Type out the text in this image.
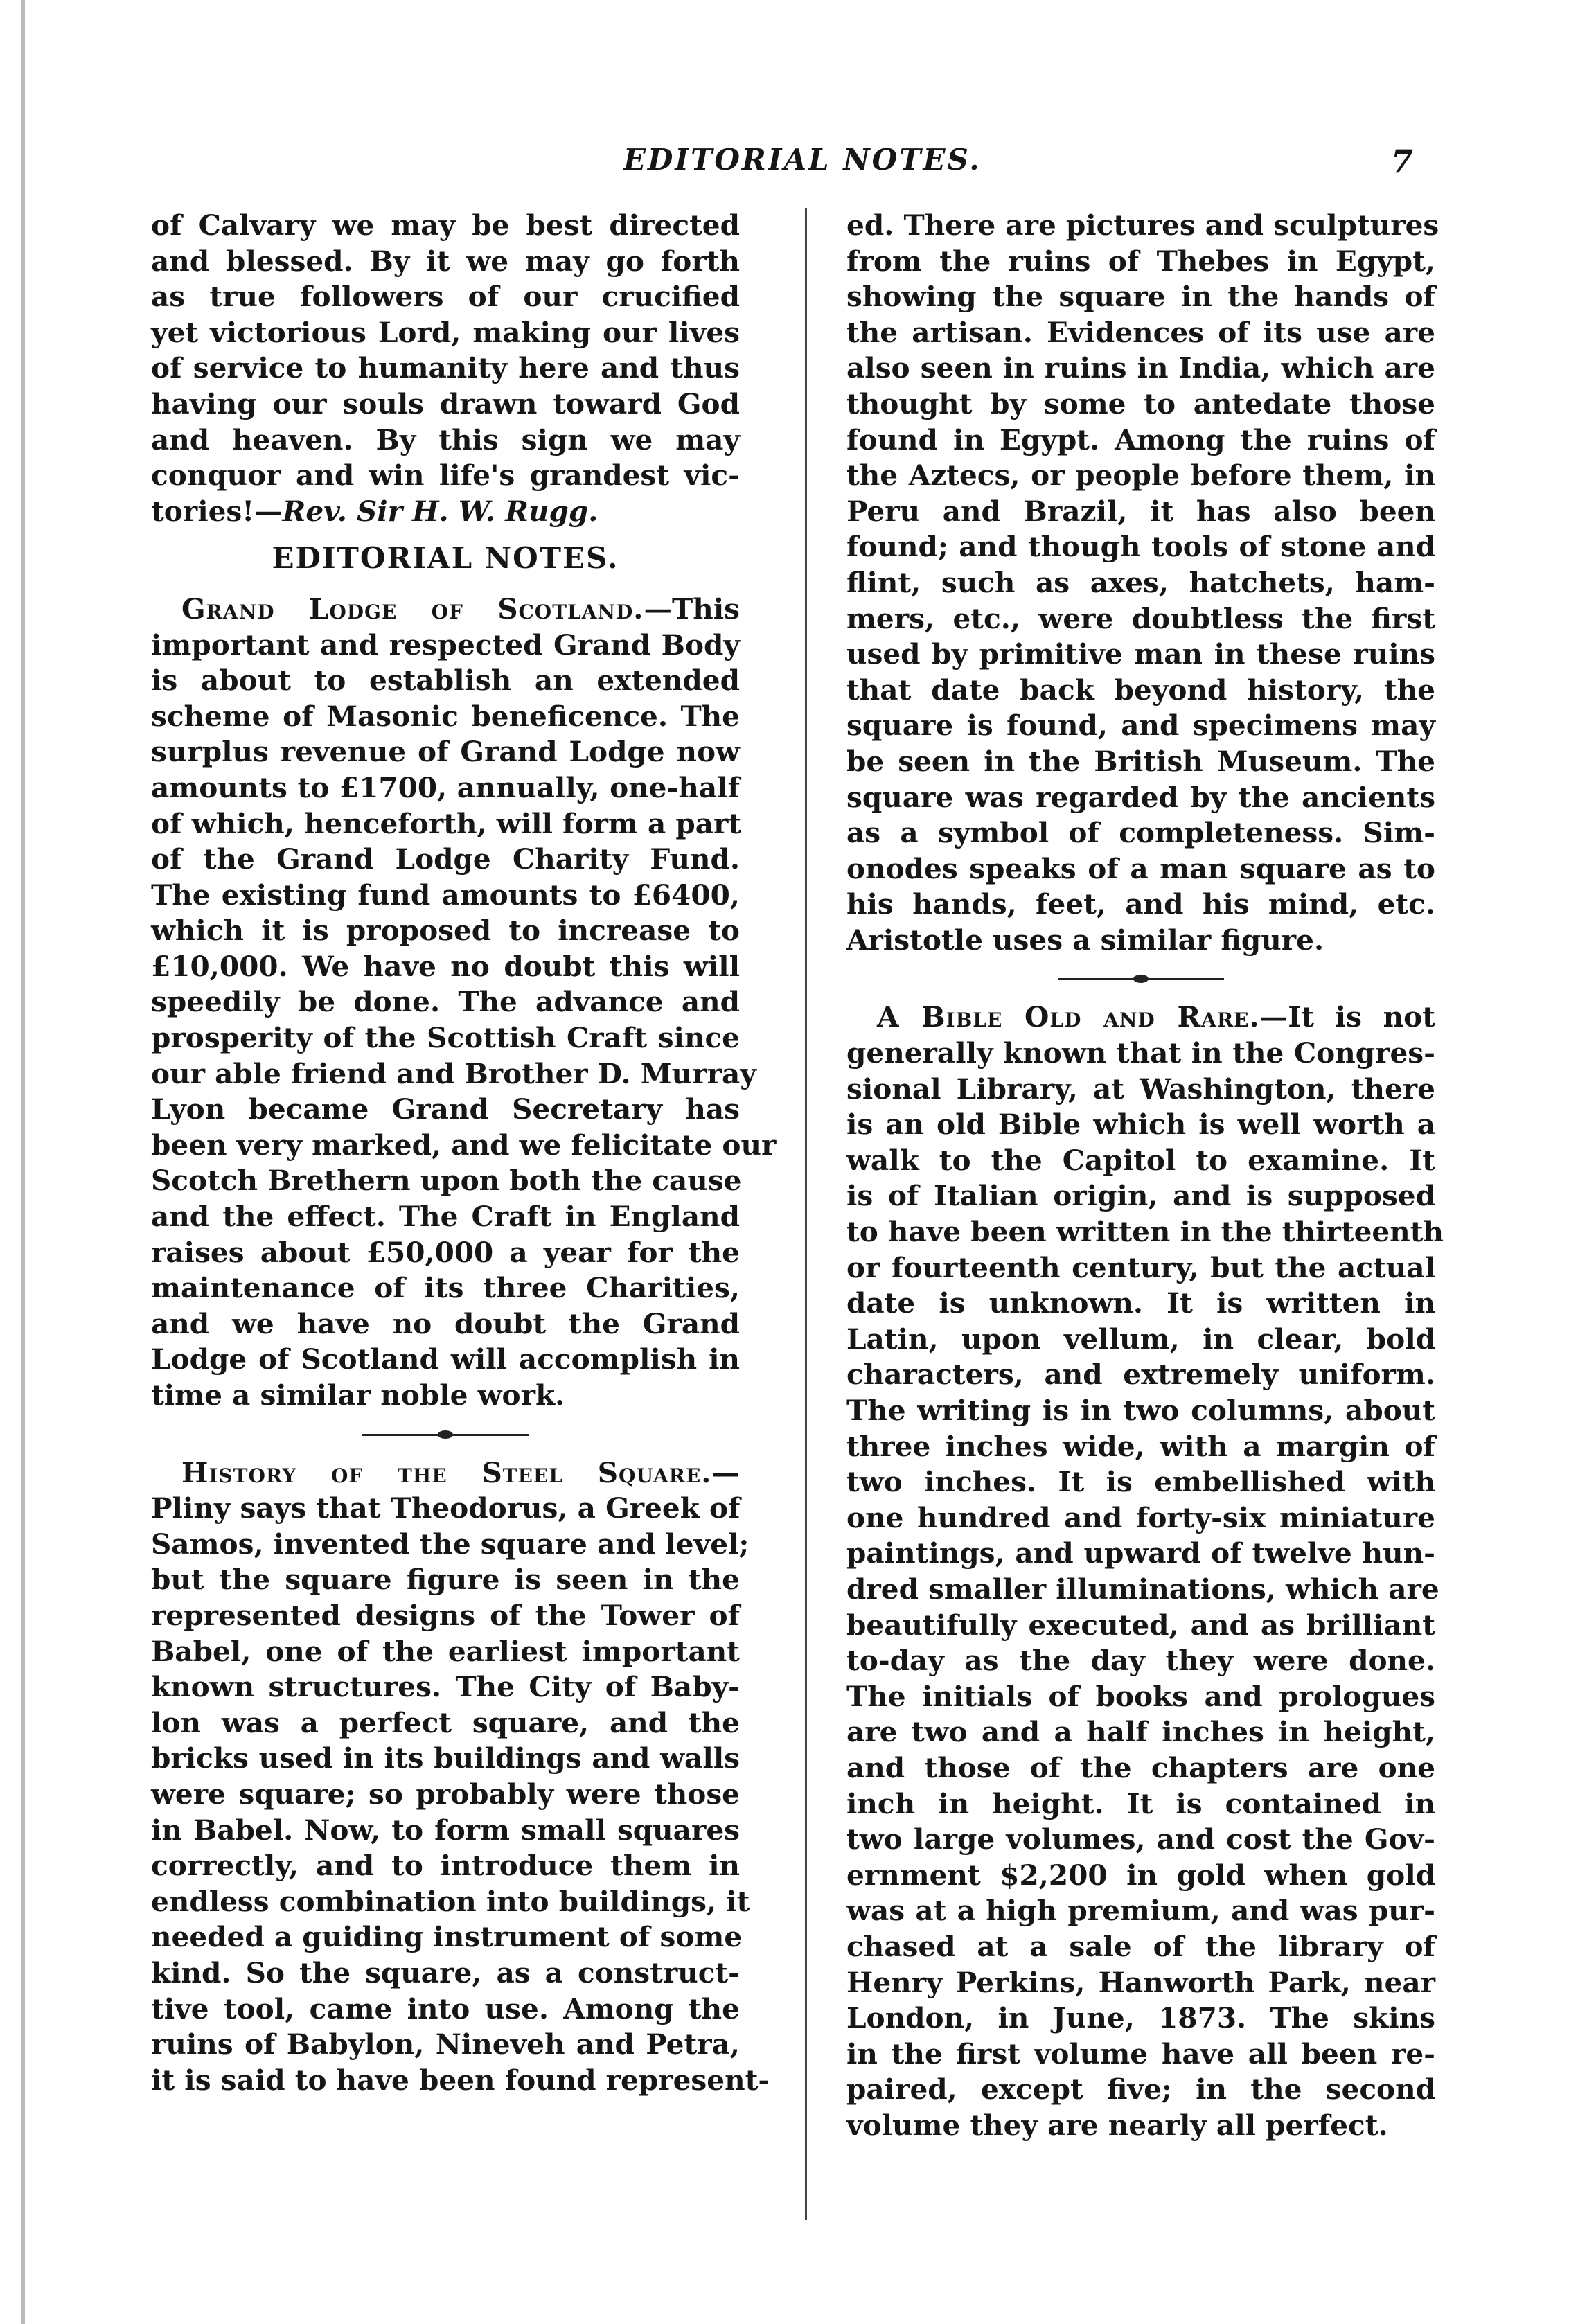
EDITORIAL NOTES.	7
of Calvary we may be best directed
and blessed. By it we may go forth
as true followers of our crucified
yet victorious Lord, making our lives
of service to humanity here and thus
having our souls drawn toward God
and heaven. By this sign we may
conquor and win life's grandest vic-
tories!—Rev. Sir H. W. Rugg.
EDITORIAL NOTES.
Grand Lodge of Scotland.—This
important and respected Grand Body
is about to establish an extended
scheme of Masonic beneficence. The
surplus revenue of Grand Lodge now
amounts to £1700, annually, one-half
of which, henceforth, will form a part
of the Grand Lodge Charity Fund.
The existing fund amounts to £6400,
which it is proposed to increase to
£10,000. We have no doubt this will
speedily be done. The advance and
prosperity of the Scottish Craft since
our able friend and Brother D. Murray
Lyon became Grand Secretary has
been very marked, and we felicitate our
Scotch Brethern upon both the cause
and the effect. The Craft in England
raises about £50,000 a year for the
maintenance of its three Charities,
and we have no doubt the Grand
Lodge of Scotland will accomplish in
time a similar noble work.
History of the Steel Square.—
Pliny says that Theodorus, a Greek of
Samos, invented the square and level;
but the square figure is seen in the
represented designs of the Tower of
Babel, one of the earliest important
known structures. The City of Baby-
lon was a perfect square, and the
bricks used in its buildings and walls
were square; so probably were those
in Babel. Now, to form small squares
correctly, and to introduce them in
endless combination into buildings, it
needed a guiding instrument of some
kind. So the square, as a construct-
tive tool, came into use. Among the
ruins of Babylon, Nineveh and Petra,
it is said to have been found represent-
ed. There are pictures and sculptures
from the ruins of Thebes in Egypt,
showing the square in the hands of
the artisan. Evidences of its use are
also seen in ruins in India, which are
thought by some to antedate those
found in Egypt. Among the ruins of
the Aztecs, or people before them, in
Peru and Brazil, it has also been
found; and though tools of stone and
flint, such as axes, hatchets, ham-
mers, etc., were doubtless the first
used by primitive man in these ruins
that date back beyond history, the
square is found, and specimens may
be seen in the British Museum. The
square was regarded by the ancients
as a symbol of completeness. Sim-
onodes speaks of a man square as to
his hands, feet, and his mind, etc.
Aristotle uses a similar figure.
A Bible Old and Rare.—It is not
generally known that in the Congres-
sional Library, at Washington, there
is an old Bible which is well worth a
walk to the Capitol to examine. It
is of Italian origin, and is supposed
to have been written in the thirteenth
or fourteenth century, but the actual
date is unknown. It is written in
Latin, upon vellum, in clear, bold
characters, and extremely uniform.
The writing is in two columns, about
three inches wide, with a margin of
two inches. It is embellished with
one hundred and forty-six miniature
paintings, and upward of twelve hun-
dred smaller illuminations, which are
beautifully executed, and as brilliant
to-day as the day they were done.
The initials of books and prologues
are two and a half inches in height,
and those of the chapters are one
inch in height. It is contained in
two large volumes, and cost the Gov-
ernment $2,200 in gold when gold
was at a high premium, and was pur-
chased at a sale of the library of
Henry Perkins, Hanworth Park, near
London, in June, 1873. The skins
in the first volume have all been re-
paired, except five; in the second
volume they are nearly all perfect.
